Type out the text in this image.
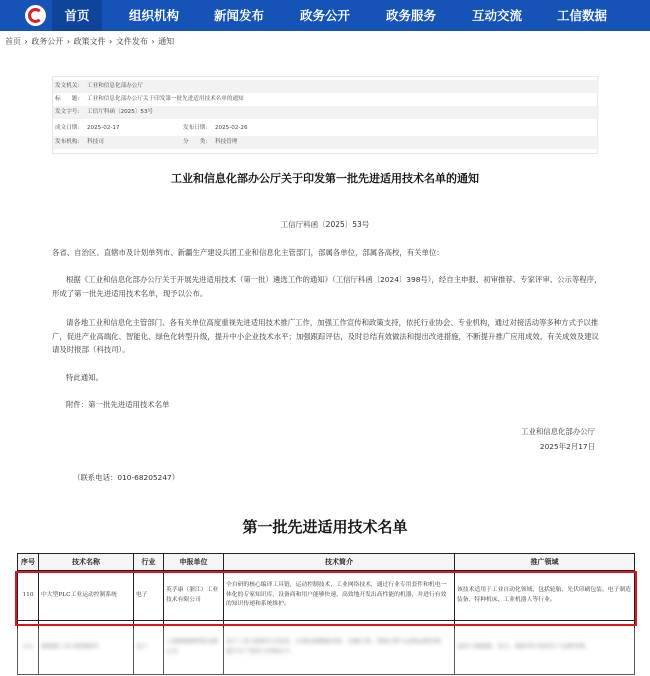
首页	组织机构	新闻发布	政务公开	政务服务	互动交流	工信数据
首页 › 政务公开 › 政策文件 › 文件发布 › 通知
发文机关: 工业和信息化部办公厅
标　　题: 工业和信息化部办公厅关于印发第一批先进适用技术名单的通知
发文字号: 工信厅科函〔2025〕53号
成文日期: 2025-02-17	发布日期: 2025-02-26
发布机构: 科技司	分　　类: 科技管理
工业和信息化部办公厅关于印发第一批先进适用技术名单的通知
工信厅科函〔2025〕53号
各省、自治区、直辖市及计划单列市、新疆生产建设兵团工业和信息化主管部门，部属各单位，部属各高校，有关单位：
根据《工业和信息化部办公厅关于开展先进适用技术（第一批）遴选工作的通知》（工信厅科函〔2024〕398号），经自主申报、初审推荐、专家评审、公示等程序，形成了第一批先进适用技术名单，现予以公布。
请各地工业和信息化主管部门、各有关单位高度重视先进适用技术推广工作，加强工作宣传和政策支持，依托行业协会、专业机构，通过对接活动等多种方式予以推广，促进产业高端化、智能化、绿色化转型升级，提升中小企业技术水平；加强跟踪评估，及时总结有效做法和提出改进措施，不断提升推广应用成效。有关成效及建议请及时报部（科技司）。
特此通知。
附件：第一批先进适用技术名单
工业和信息化部办公厅
2025年2月17日
（联系电话：010-68205247）
第一批先进适用技术名单
序号	技术名称	行业	申报单位	技术简介	推广领域
110	中大型PLC工业运动控制系统	电子	英孚康（浙江）工业技术有限公司	全自研的核心编译工具链，运动控制技术，工业网络技术，通过行业专用套件和机电一体化的专家知识库，设备商和用户能够快速、高效地开发出高性能的机器，并进行有效的知识传递和系统维护。	该技术适用于工业自动化领域，包括轮胎、光伏印刷包装、电子制造装备、特种机床、工业机器人等行业。
111	新能源工业互联网软件	电子	上海新能源科技有限公司	基于工业互联网平台技术，实现设备数据采集、边缘计算、智能分析与远程运维管理，提升生产效率与管理水平。	适用于新能源、电力、制造等行业的生产运维管理。
